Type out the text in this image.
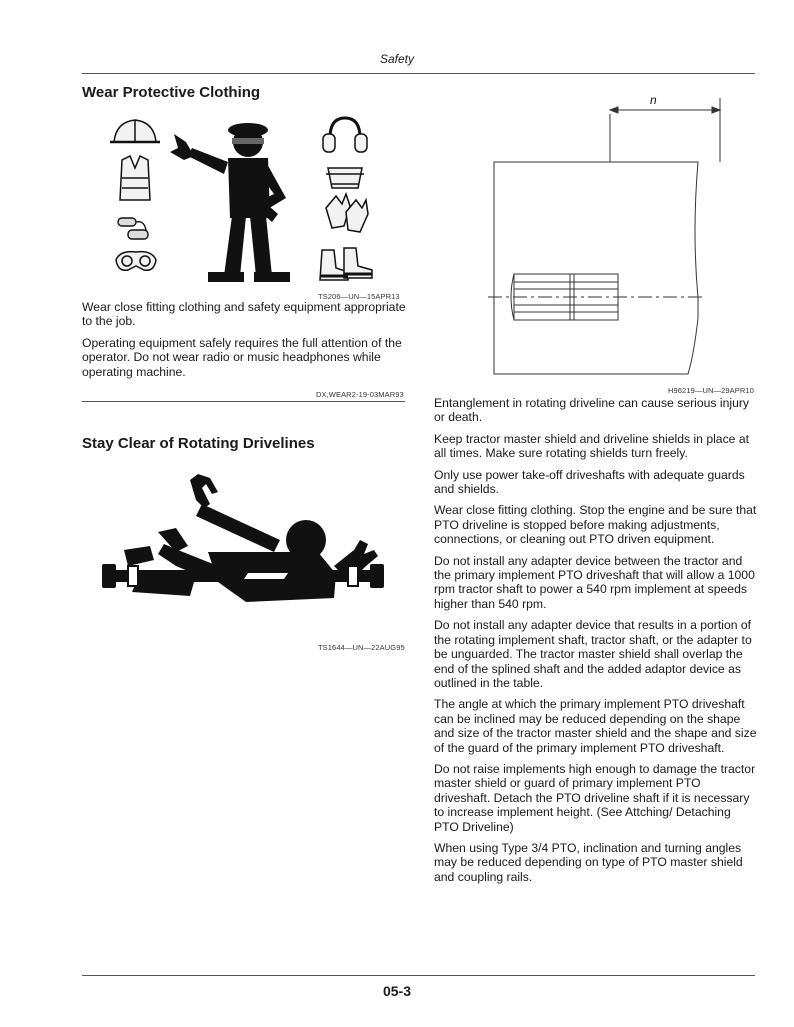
Safety
Wear Protective Clothing
TS206—UN—15APR13

Wear close fitting clothing and safety equipment appropriate to the job.

Operating equipment safely requires the full attention of the operator. Do not wear radio or music headphones while operating machine.

DX,WEAR2-19-03MAR93
Stay Clear of Rotating Drivelines
TS1644—UN—22AUG95
n
H96219—UN—29APR10

Entanglement in rotating driveline can cause serious injury or death.

Keep tractor master shield and driveline shields in place at all times. Make sure rotating shields turn freely.

Only use power take-off driveshafts with adequate guards and shields.

Wear close fitting clothing. Stop the engine and be sure that PTO driveline is stopped before making adjustments, connections, or cleaning out PTO driven equipment.

Do not install any adapter device between the tractor and the primary implement PTO driveshaft that will allow a 1000 rpm tractor shaft to power a 540 rpm implement at speeds higher than 540 rpm.

Do not install any adapter device that results in a portion of the rotating implement shaft, tractor shaft, or the adapter to be unguarded. The tractor master shield shall overlap the end of the splined shaft and the added adaptor device as outlined in the table.

The angle at which the primary implement PTO driveshaft can be inclined may be reduced depending on the shape and size of the tractor master shield and the shape and size of the guard of the primary implement PTO driveshaft.

Do not raise implements high enough to damage the tractor master shield or guard of primary implement PTO driveshaft. Detach the PTO driveline shaft if it is necessary to increase implement height. (See Attching/ Detaching PTO Driveline)

When using Type 3/4 PTO, inclination and turning angles may be reduced depending on type of PTO master shield and coupling rails.

05-3
